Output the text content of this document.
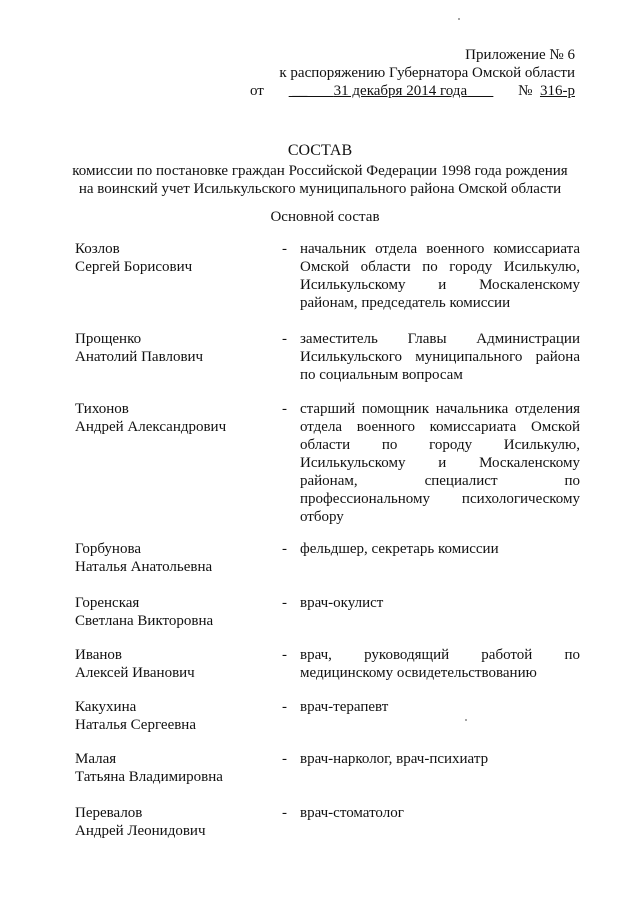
Приложение № 6
к распоряжению Губернатора Омской области
от __       31 декабря 2014 года	№ 316-р
СОСТАВ
комиссии по постановке граждан Российской Федерации 1998 года рождения
на воинский учет Исилькульского муниципального района Омской области
Основной состав
Козлов
Сергей Борисович
- начальник отдела военного комиссариата
Омской области по городу Исилькулю,
Исилькульскому и Москаленскому
районам, председатель комиссии
Прощенко
Анатолий Павлович
- заместитель Главы Администрации
Исилькульского муниципального района
по социальным вопросам
Тихонов
Андрей Александрович
- старший помощник начальника отделения
отдела военного комиссариата Омской
области по городу Исилькулю,
Исилькульскому и Москаленскому
районам, специалист по
профессиональному психологическому
отбору
Горбунова
Наталья Анатольевна
- фельдшер, секретарь комиссии
Горенская
Светлана Викторовна
- врач-окулист
Иванов
Алексей Иванович
- врач, руководящий работой по
медицинскому освидетельствованию
Какухина
Наталья Сергеевна
- врач-терапевт
Малая
Татьяна Владимировна
- врач-нарколог, врач-психиатр
Перевалов
Андрей Леонидович
- врач-стоматолог
